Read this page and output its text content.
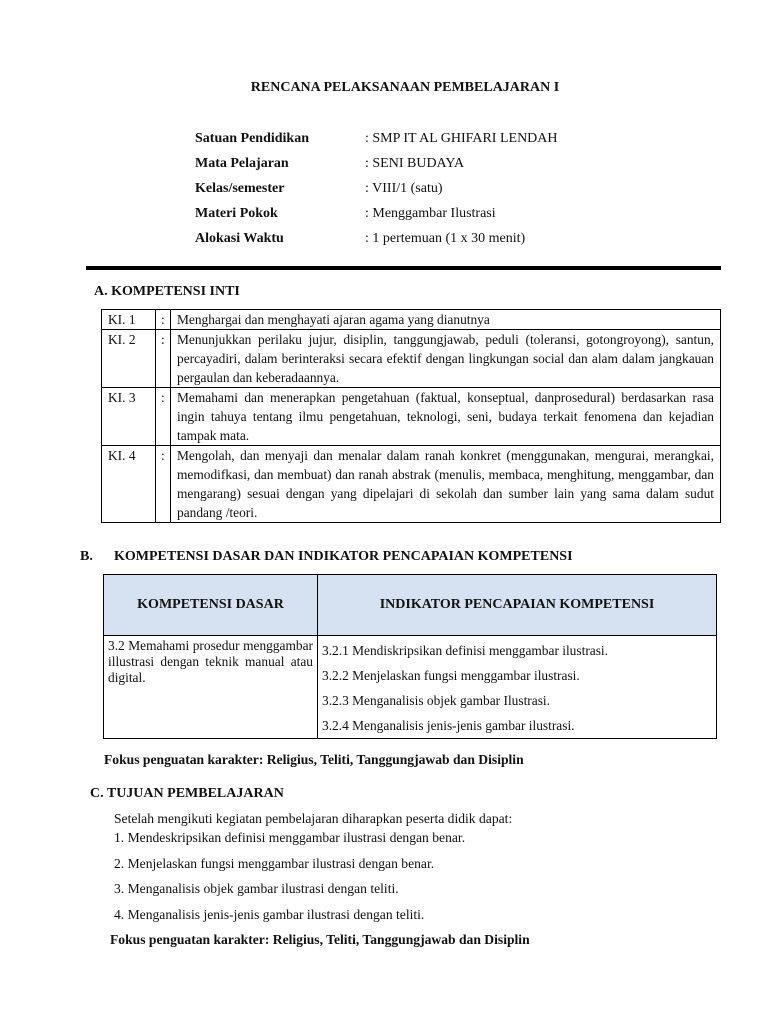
RENCANA PELAKSANAAN PEMBELAJARAN I
Satuan Pendidikan	: SMP IT AL GHIFARI LENDAH
Mata Pelajaran	: SENI BUDAYA
Kelas/semester	: VIII/1 (satu)
Materi Pokok	: Menggambar Ilustrasi
Alokasi Waktu	: 1 pertemuan (1 x 30 menit)
A. KOMPETENSI INTI
KI. 1	:	Menghargai dan menghayati ajaran agama yang dianutnya
KI. 2	:	Menunjukkan perilaku jujur, disiplin, tanggungjawab, peduli (toleransi, gotongroyong), santun, percayadiri, dalam berinteraksi secara efektif dengan lingkungan social dan alam dalam jangkauan pergaulan dan keberadaannya.
KI. 3	:	Memahami dan menerapkan pengetahuan (faktual, konseptual, danprosedural) berdasarkan rasa ingin tahuya tentang ilmu pengetahuan, teknologi, seni, budaya terkait fenomena dan kejadian tampak mata.
KI. 4	:	Mengolah, dan menyaji dan menalar dalam ranah konkret (menggunakan, mengurai, merangkai, memodifkasi, dan membuat) dan ranah abstrak (menulis, membaca, menghitung, menggambar, dan mengarang) sesuai dengan yang dipelajari di sekolah dan sumber lain yang sama dalam sudut pandang /teori.
B. KOMPETENSI DASAR DAN INDIKATOR PENCAPAIAN KOMPETENSI
KOMPETENSI DASAR	INDIKATOR PENCAPAIAN KOMPETENSI
3.2 Memahami prosedur menggambar illustrasi dengan teknik manual atau digital.	3.2.1 Mendiskripsikan definisi menggambar ilustrasi.
3.2.2 Menjelaskan fungsi menggambar ilustrasi.
3.2.3 Menganalisis objek gambar Ilustrasi.
3.2.4 Menganalisis jenis-jenis gambar ilustrasi.
Fokus penguatan karakter: Religius, Teliti, Tanggungjawab dan Disiplin
C. TUJUAN PEMBELAJARAN
Setelah mengikuti kegiatan pembelajaran diharapkan peserta didik dapat:
1. Mendeskripsikan definisi menggambar ilustrasi dengan benar.
2. Menjelaskan fungsi menggambar ilustrasi dengan benar.
3. Menganalisis objek gambar ilustrasi dengan teliti.
4. Menganalisis jenis-jenis gambar ilustrasi dengan teliti.
Fokus penguatan karakter: Religius, Teliti, Tanggungjawab dan Disiplin
